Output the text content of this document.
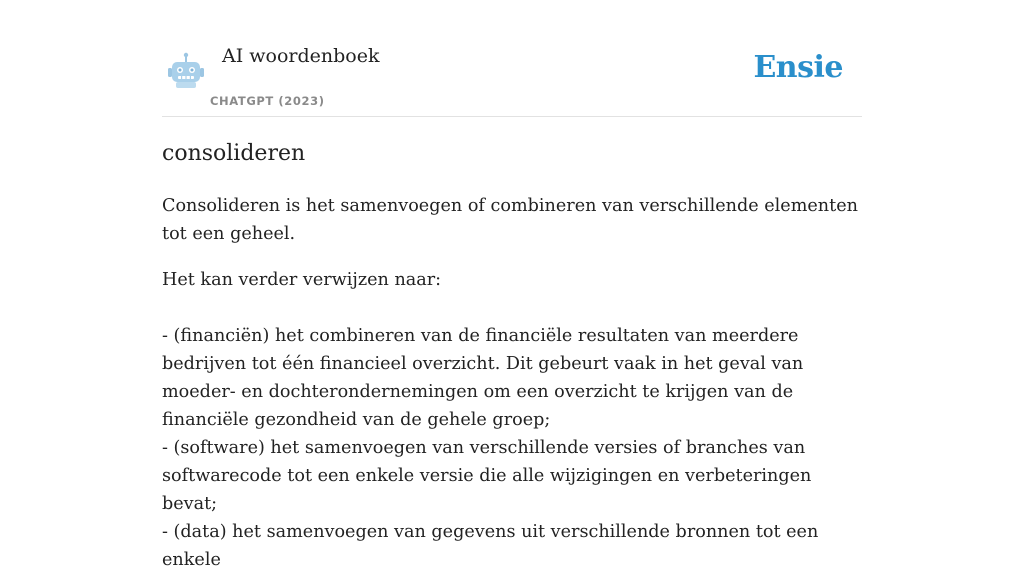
AI woordenboek
CHATGPT (2023)
Ensie
consolideren

Consolideren is het samenvoegen of combineren van verschillende elementen tot een geheel.

Het kan verder verwijzen naar:

- (financiën) het combineren van de financiële resultaten van meerdere bedrijven tot één financieel overzicht. Dit gebeurt vaak in het geval van moeder- en dochterondernemingen om een overzicht te krijgen van de financiële gezondheid van de gehele groep;
- (software) het samenvoegen van verschillende versies of branches van softwarecode tot een enkele versie die alle wijzigingen en verbeteringen bevat;
- (data) het samenvoegen van gegevens uit verschillende bronnen tot een enkele
